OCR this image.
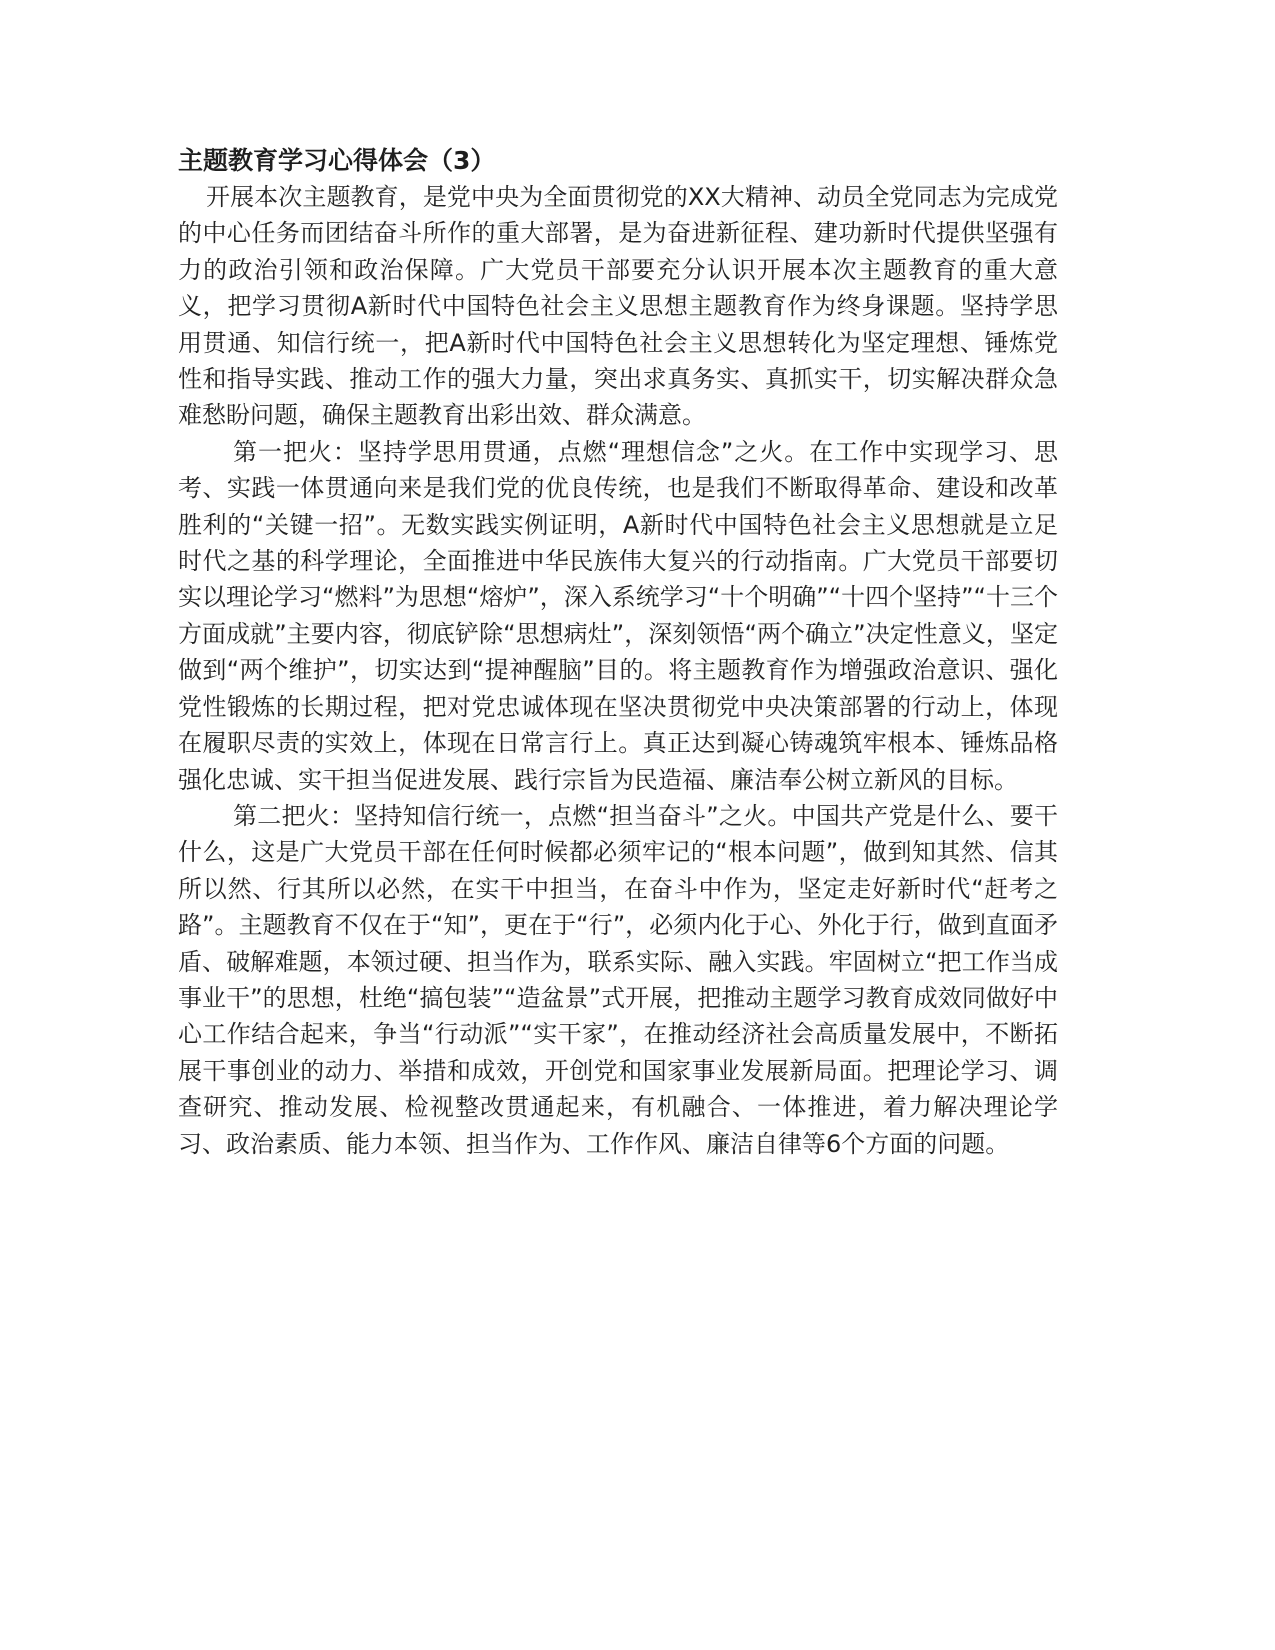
主题教育学习心得体会（3）

开展本次主题教育，是党中央为全面贯彻党的XX大精神、动员全党同志为完成党的中心任务而团结奋斗所作的重大部署，是为奋进新征程、建功新时代提供坚强有力的政治引领和政治保障。广大党员干部要充分认识开展本次主题教育的重大意义，把学习贯彻A新时代中国特色社会主义思想主题教育作为终身课题。坚持学思用贯通、知信行统一，把A新时代中国特色社会主义思想转化为坚定理想、锤炼党性和指导实践、推动工作的强大力量，突出求真务实、真抓实干，切实解决群众急难愁盼问题，确保主题教育出彩出效、群众满意。

第一把火：坚持学思用贯通，点燃“理想信念”之火。在工作中实现学习、思考、实践一体贯通向来是我们党的优良传统，也是我们不断取得革命、建设和改革胜利的“关键一招”。无数实践实例证明，A新时代中国特色社会主义思想就是立足时代之基的科学理论，全面推进中华民族伟大复兴的行动指南。广大党员干部要切实以理论学习“燃料”为思想“熔炉”，深入系统学习“十个明确”“十四个坚持”“十三个方面成就”主要内容，彻底铲除“思想病灶”，深刻领悟“两个确立”决定性意义，坚定做到“两个维护”，切实达到“提神醒脑”目的。将主题教育作为增强政治意识、强化党性锻炼的长期过程，把对党忠诚体现在坚决贯彻党中央决策部署的行动上，体现在履职尽责的实效上，体现在日常言行上。真正达到凝心铸魂筑牢根本、锤炼品格强化忠诚、实干担当促进发展、践行宗旨为民造福、廉洁奉公树立新风的目标。

第二把火：坚持知信行统一，点燃“担当奋斗”之火。中国共产党是什么、要干什么，这是广大党员干部在任何时候都必须牢记的“根本问题”，做到知其然、信其所以然、行其所以必然，在实干中担当，在奋斗中作为，坚定走好新时代“赶考之路”。主题教育不仅在于“知”，更在于“行”，必须内化于心、外化于行，做到直面矛盾、破解难题，本领过硬、担当作为，联系实际、融入实践。牢固树立“把工作当成事业干”的思想，杜绝“搞包装”“造盆景”式开展，把推动主题学习教育成效同做好中心工作结合起来，争当“行动派”“实干家”，在推动经济社会高质量发展中，不断拓展干事创业的动力、举措和成效，开创党和国家事业发展新局面。把理论学习、调查研究、推动发展、检视整改贯通起来，有机融合、一体推进，着力解决理论学习、政治素质、能力本领、担当作为、工作作风、廉洁自律等6个方面的问题。
